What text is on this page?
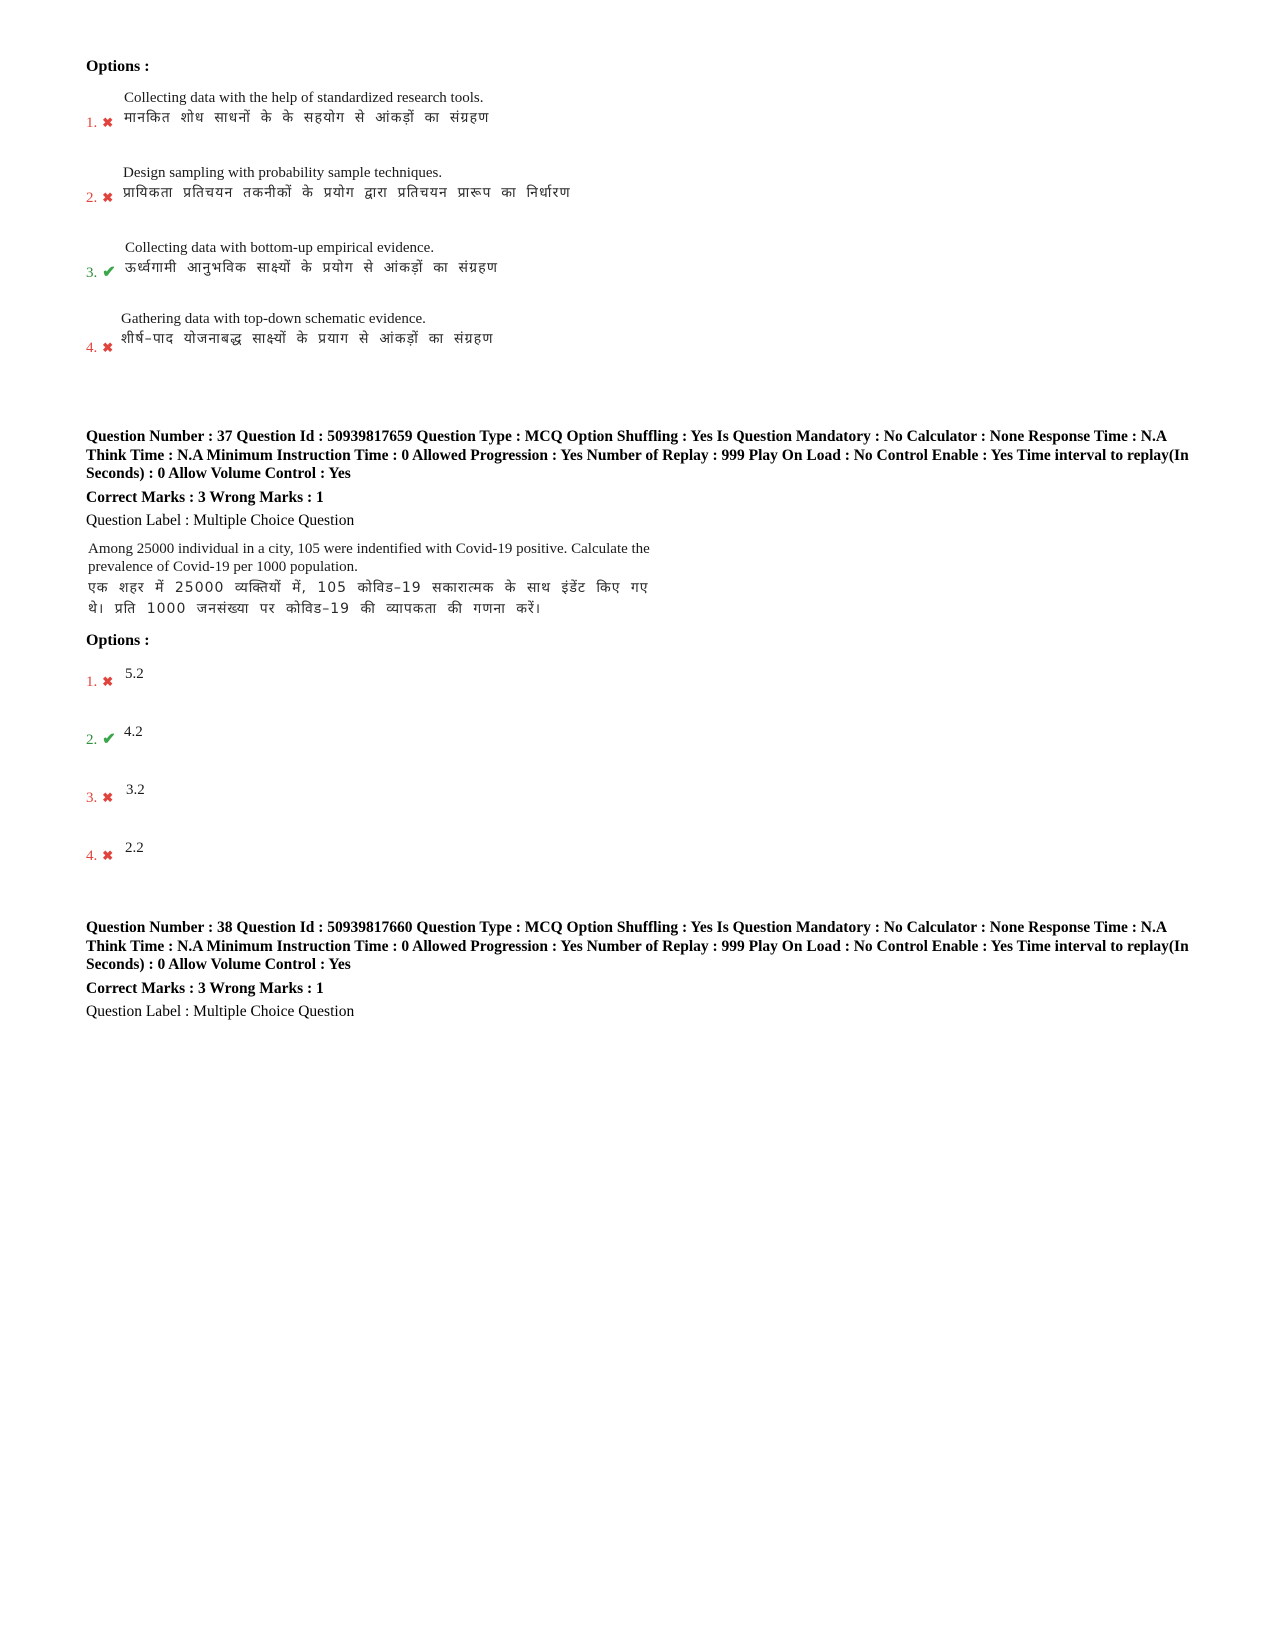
Options :
1. ✖
Collecting data with the help of standardized research tools.
मानकित शोध साधनों के के सहयोग से आंकड़ों का संग्रहण
2. ✖
Design sampling with probability sample techniques.
प्रायिकता प्रतिचयन तकनीकों के प्रयोग द्वारा प्रतिचयन प्रारूप का निर्धारण
3. ✔
Collecting data with bottom-up empirical evidence.
ऊर्ध्वगामी आनुभविक साक्ष्यों के प्रयोग से आंकड़ों का संग्रहण
4. ✖
Gathering data with top-down schematic evidence.
शीर्ष–पाद योजनाबद्ध साक्ष्यों के प्रयाग से आंकड़ों का संग्रहण
Question Number : 37 Question Id : 50939817659 Question Type : MCQ Option Shuffling : Yes Is Question Mandatory : No Calculator : None Response Time : N.A Think Time : N.A Minimum Instruction Time : 0 Allowed Progression : Yes Number of Replay : 999 Play On Load : No Control Enable : Yes Time interval to replay(In Seconds) : 0 Allow Volume Control : Yes
Correct Marks : 3 Wrong Marks : 1
Question Label : Multiple Choice Question
Among 25000 individual in a city, 105 were indentified with Covid-19 positive. Calculate the prevalence of Covid-19 per 1000 population.
एक शहर में 25000 व्यक्तियों में, 105 कोविड–19 सकारात्मक के साथ इंडेंट किए गए थे। प्रति 1000 जनसंख्या पर कोविड–19 की व्यापकता की गणना करें।
Options :
1. ✖ 5.2
2. ✔ 4.2
3. ✖ 3.2
4. ✖ 2.2
Question Number : 38 Question Id : 50939817660 Question Type : MCQ Option Shuffling : Yes Is Question Mandatory : No Calculator : None Response Time : N.A Think Time : N.A Minimum Instruction Time : 0 Allowed Progression : Yes Number of Replay : 999 Play On Load : No Control Enable : Yes Time interval to replay(In Seconds) : 0 Allow Volume Control : Yes
Correct Marks : 3 Wrong Marks : 1
Question Label : Multiple Choice Question
